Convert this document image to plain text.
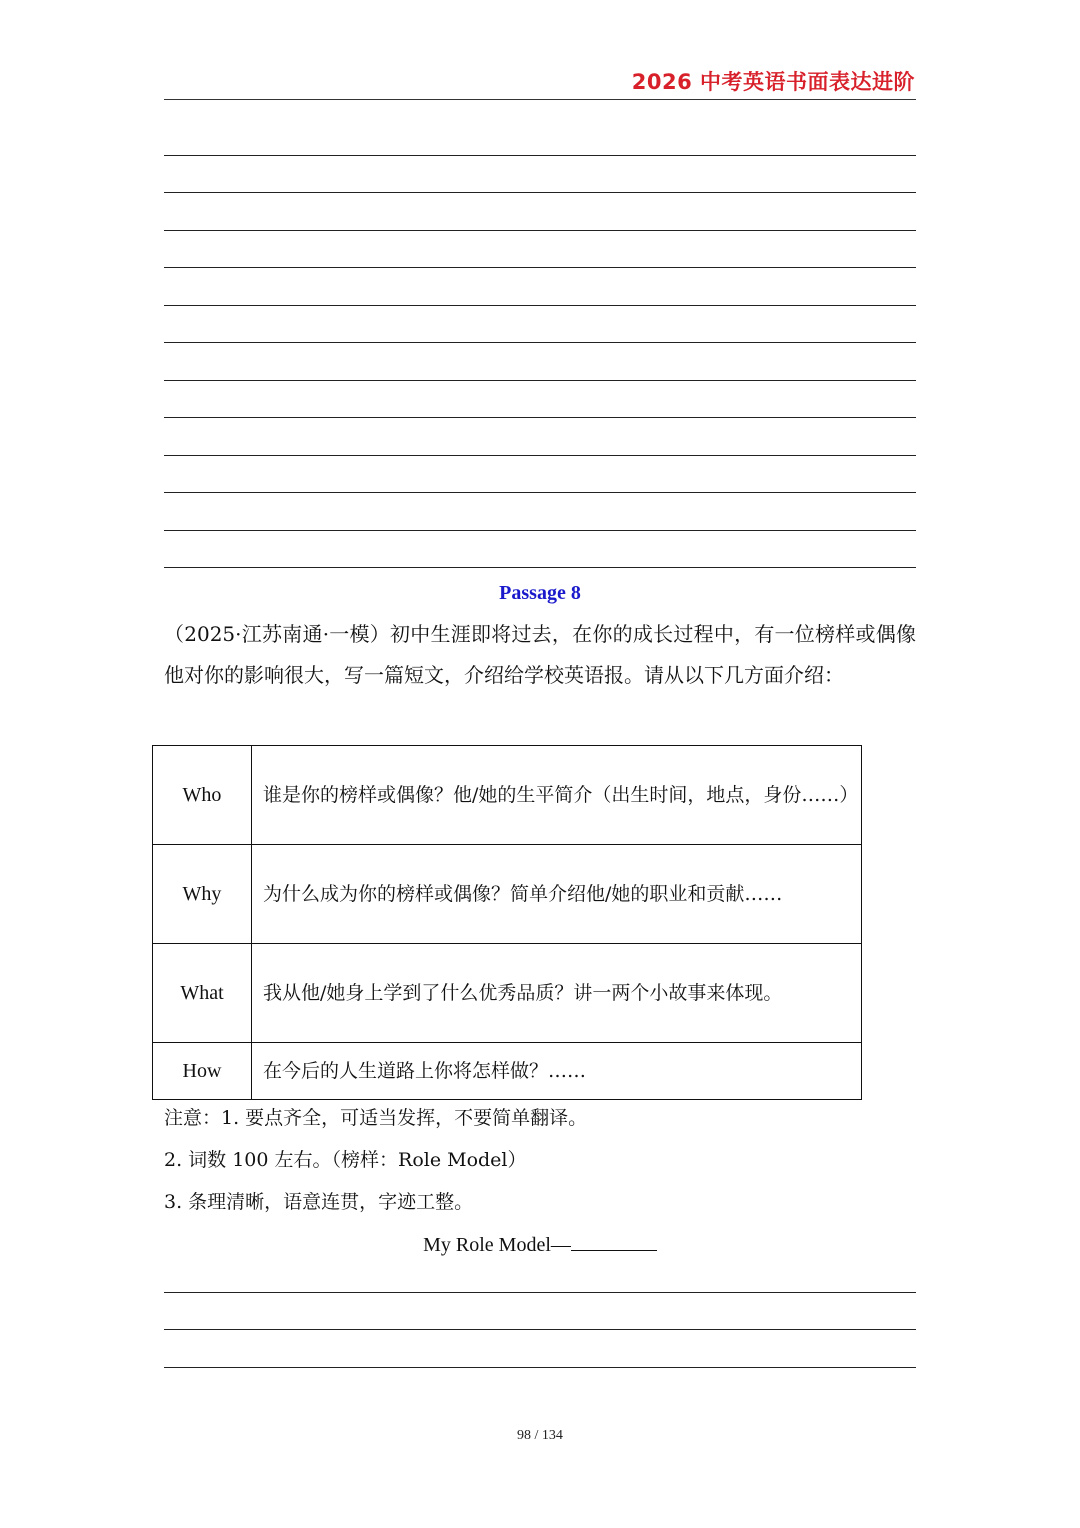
2026 中考英语书面表达进阶
Passage 8

（2025·江苏南通·一模）初中生涯即将过去，在你的成长过程中，有一位榜样或偶像他对你的影响很大，写一篇短文，介绍给学校英语报。请从以下几方面介绍：

Who	谁是你的榜样或偶像？他/她的生平简介（出生时间，地点，身份……）
Why	为什么成为你的榜样或偶像？简单介绍他/她的职业和贡献……
What	我从他/她身上学到了什么优秀品质？讲一两个小故事来体现。
How	在今后的人生道路上你将怎样做？……
注意：1. 要点齐全，可适当发挥，不要简单翻译。
2. 词数 100 左右。（榜样：Role Model）
3. 条理清晰，语意连贯，字迹工整。
My Role Model—
98 / 134
